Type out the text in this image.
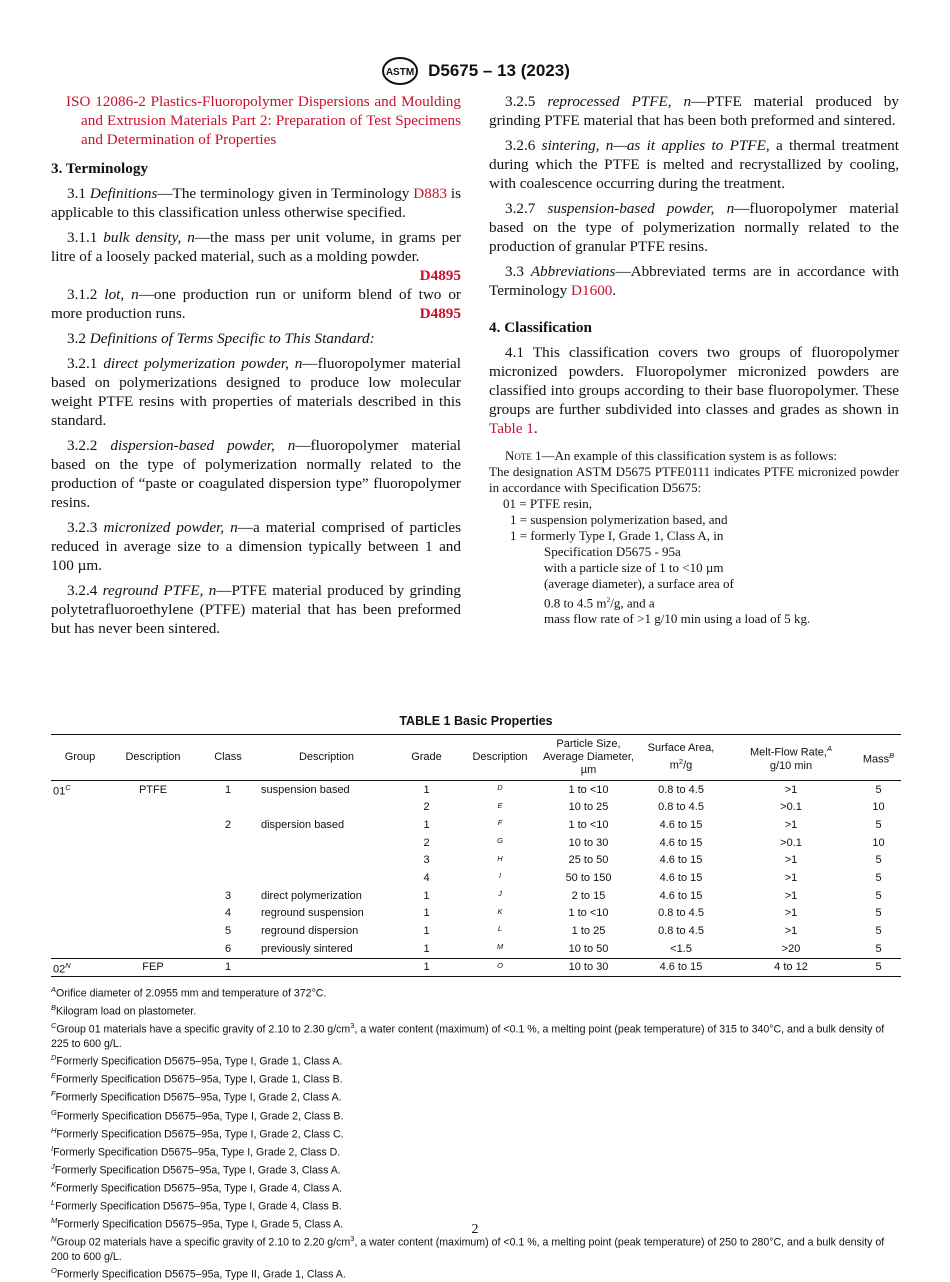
ASTM D5675 – 13 (2023)

ISO 12086-2 Plastics-Fluoropolymer Dispersions and Moulding and Extrusion Materials Part 2: Preparation of Test Specimens and Determination of Properties

3. Terminology

3.1 Definitions—The terminology given in Terminology D883 is applicable to this classification unless otherwise specified.

3.1.1 bulk density, n—the mass per unit volume, in grams per litre of a loosely packed material, such as a molding powder.
D4895

3.1.2 lot, n—one production run or uniform blend of two or more production runs.	D4895

3.2 Definitions of Terms Specific to This Standard:

3.2.1 direct polymerization powder, n—fluoropolymer material based on polymerizations designed to produce low molecular weight PTFE resins with properties of materials described in this standard.

3.2.2 dispersion-based powder, n—fluoropolymer material based on the type of polymerization normally related to the production of “paste or coagulated dispersion type” fluoropolymer resins.

3.2.3 micronized powder, n—a material comprised of particles reduced in average size to a dimension typically between 1 and 100 µm.

3.2.4 reground PTFE, n—PTFE material produced by grinding polytetrafluoroethylene (PTFE) material that has been preformed but has never been sintered.

3.2.5 reprocessed PTFE, n—PTFE material produced by grinding PTFE material that has been both preformed and sintered.

3.2.6 sintering, n—as it applies to PTFE, a thermal treatment during which the PTFE is melted and recrystallized by cooling, with coalescence occurring during the treatment.

3.2.7 suspension-based powder, n—fluoropolymer material based on the type of polymerization normally related to the production of granular PTFE resins.

3.3 Abbreviations—Abbreviated terms are in accordance with Terminology D1600.

4. Classification

4.1 This classification covers two groups of fluoropolymer micronized powders. Fluoropolymer micronized powders are classified into groups according to their base fluoropolymer. These groups are further subdivided into classes and grades as shown in Table 1.

Note 1—An example of this classification system is as follows:
The designation ASTM D5675 PTFE0111 indicates PTFE micronized powder in accordance with Specification D5675:
01 = PTFE resin,
1 = suspension polymerization based, and
1 = formerly Type I, Grade 1, Class A, in
Specification D5675 - 95a
with a particle size of 1 to <10 µm
(average diameter), a surface area of
0.8 to 4.5 $m^2/g$, and a
mass flow rate of >1 g/10 min using a load of 5 kg.
TABLE 1 Basic Properties
Group	Description	Class	Description	Grade	Description	Particle Size, Average Diameter, µm	Surface Area,
$m^2/g$	Melt-Flow Rate,$^A$
g/10 min	Mass$^B$
$01^C$	PTFE	1	suspension based	1	$^D$	1 to <10	0.8 to 4.5	>1	5
				2	$^E$	10 to 25	0.8 to 4.5	>0.1	10
		2	dispersion based	1	$^F$	1 to <10	4.6 to 15	>1	5
				2	$^G$	10 to 30	4.6 to 15	>0.1	10
				3	$^H$	25 to 50	4.6 to 15	>1	5
				4	$^I$	50 to 150	4.6 to 15	>1	5
		3	direct polymerization	1	$^J$	2 to 15	4.6 to 15	>1	5
		4	reground suspension	1	$^K$	1 to <10	0.8 to 4.5	>1	5
		5	reground dispersion	1	$^L$	1 to 25	0.8 to 4.5	>1	5
		6	previously sintered	1	$^M$	10 to 50	<1.5	>20	5
$02^N$	FEP	1		1	$^O$	10 to 30	4.6 to 15	4 to 12	5
$^A$Orifice diameter of 2.0955 mm and temperature of 372°C.
$^B$Kilogram load on plastometer.
$^C$Group 01 materials have a specific gravity of 2.10 to 2.30 $g/cm^3$, a water content (maximum) of <0.1 %, a melting point (peak temperature) of 315 to 340°C, and a bulk density of 225 to 600 g/L.
$^D$Formerly Specification D5675–95a, Type I, Grade 1, Class A.
$^E$Formerly Specification D5675–95a, Type I, Grade 1, Class B.
$^F$Formerly Specification D5675–95a, Type I, Grade 2, Class A.
$^G$Formerly Specification D5675–95a, Type I, Grade 2, Class B.
$^H$Formerly Specification D5675–95a, Type I, Grade 2, Class C.
$^I$Formerly Specification D5675–95a, Type I, Grade 2, Class D.
$^J$Formerly Specification D5675–95a, Type I, Grade 3, Class A.
$^K$Formerly Specification D5675–95a, Type I, Grade 4, Class A.
$^L$Formerly Specification D5675–95a, Type I, Grade 4, Class B.
$^M$Formerly Specification D5675–95a, Type I, Grade 5, Class A.
$^N$Group 02 materials have a specific gravity of 2.10 to 2.20 $g/cm^3$, a water content (maximum) of <0.1 %, a melting point (peak temperature) of 250 to 280°C, and a bulk density of 200 to 600 g/L.
$^O$Formerly Specification D5675–95a, Type II, Grade 1, Class A.
2
